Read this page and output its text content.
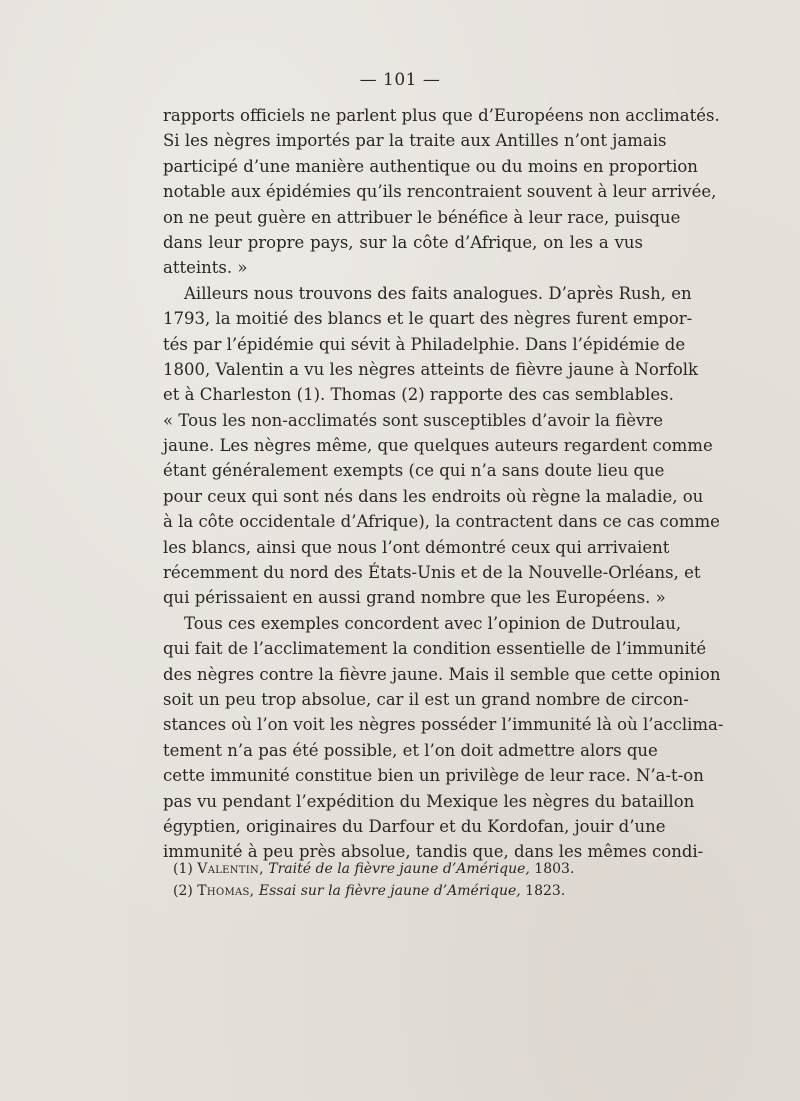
— 101 —
rapports officiels ne parlent plus que d’Européens non acclimatés.
Si les nègres importés par la traite aux Antilles n’ont jamais
participé d’une manière authentique ou du moins en proportion
notable aux épidémies qu’ils rencontraient souvent à leur arrivée,
on ne peut guère en attribuer le bénéfice à leur race, puisque
dans leur propre pays, sur la côte d’Afrique, on les a vus
atteints. »
Ailleurs nous trouvons des faits analogues. D’après Rush, en
1793, la moitié des blancs et le quart des nègres furent empor-
tés par l’épidémie qui sévit à Philadelphie. Dans l’épidémie de
1800, Valentin a vu les nègres atteints de fièvre jaune à Norfolk
et à Charleston (1). Thomas (2) rapporte des cas semblables.
« Tous les non-acclimatés sont susceptibles d’avoir la fièvre
jaune. Les nègres même, que quelques auteurs regardent comme
étant généralement exempts (ce qui n’a sans doute lieu que
pour ceux qui sont nés dans les endroits où règne la maladie, ou
à la côte occidentale d’Afrique), la contractent dans ce cas comme
les blancs, ainsi que nous l’ont démontré ceux qui arrivaient
récemment du nord des États-Unis et de la Nouvelle-Orléans, et
qui périssaient en aussi grand nombre que les Européens. »
Tous ces exemples concordent avec l’opinion de Dutroulau,
qui fait de l’acclimatement la condition essentielle de l’immunité
des nègres contre la fièvre jaune. Mais il semble que cette opinion
soit un peu trop absolue, car il est un grand nombre de circon-
stances où l’on voit les nègres posséder l’immunité là où l’acclima-
tement n’a pas été possible, et l’on doit admettre alors que
cette immunité constitue bien un privilège de leur race. N’a-t-on
pas vu pendant l’expédition du Mexique les nègres du bataillon
égyptien, originaires du Darfour et du Kordofan, jouir d’une
immunité à peu près absolue, tandis que, dans les mêmes condi-
(1) Valentin, Traité de la fièvre jaune d’Amérique, 1803.
(2) Thomas, Essai sur la fièvre jaune d’Amérique, 1823.
